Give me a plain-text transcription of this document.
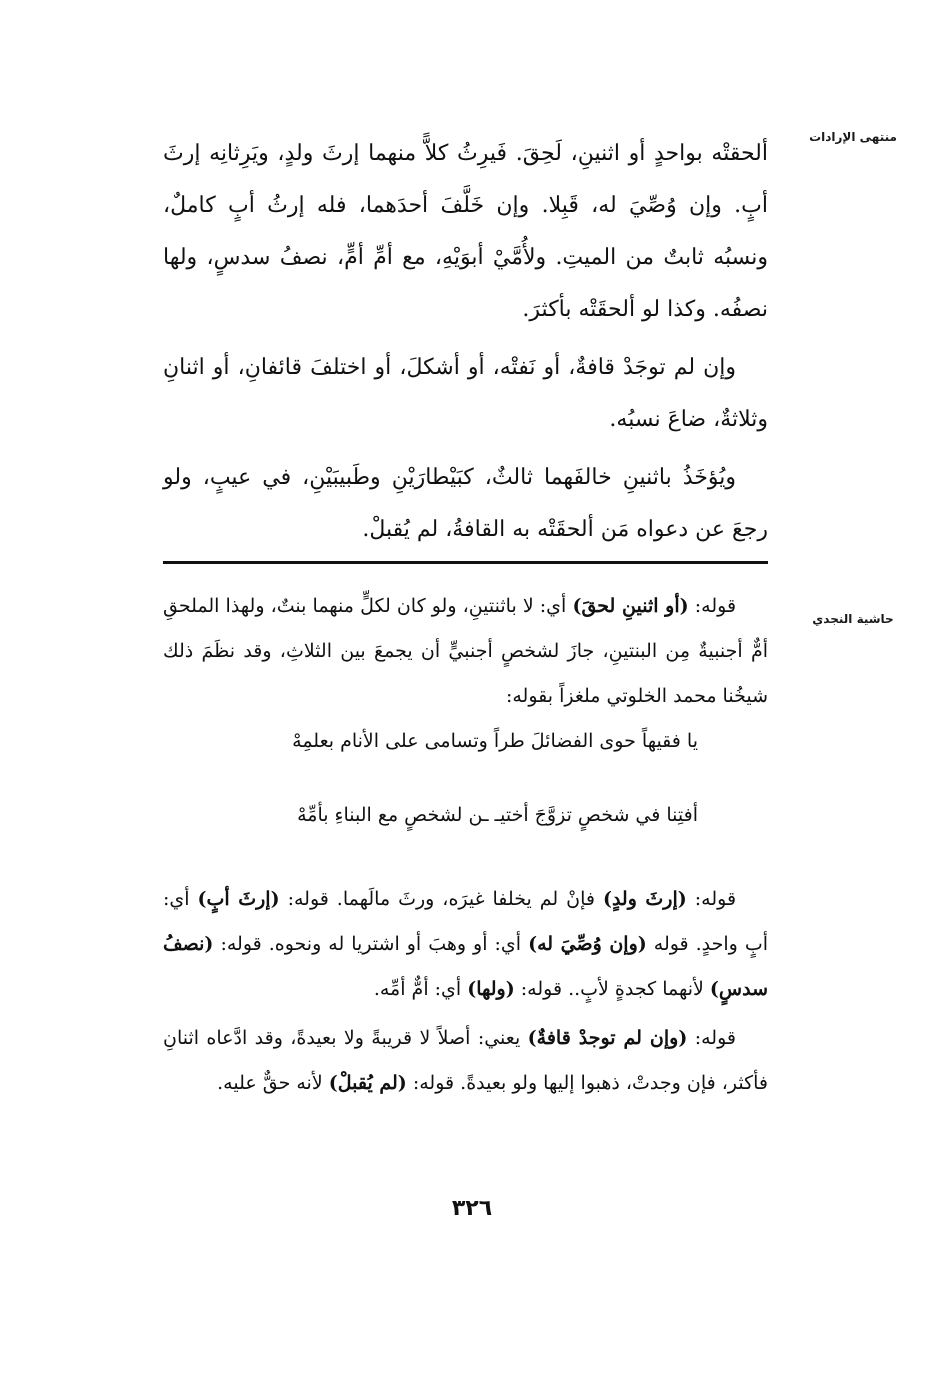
منتهى الإرادات

ألحقتْه بواحدٍ أو اثنينِ، لَحِقَ. فَيرِثُ كلاًّ منهما إرثَ ولدٍ، ويَرِثانِه إرثَ أبٍ. وإن وُصِّيَ له، قَبِلا. وإن خَلَّفَ أحدَهما، فله إرثُ أبٍ كاملٌ، ونسبُه ثابتٌ من الميتِ. ولأُمَّيْ أبوَيْهِ، مع أمِّ أمٍّ، نصفُ سدسٍ، ولها نصفُه. وكذا لو ألحقَتْه بأكثرَ.

وإن لم توجَدْ قافةٌ، أو نَفتْه، أو أشكلَ، أو اختلفَ قائفانِ، أو اثنانِ وثلاثةٌ، ضاعَ نسبُه.

ويُؤخَذُ باثنينِ خالفَهما ثالثٌ، كبَيْطارَيْنِ وطَبيبَيْنِ، في عيبٍ، ولو رجعَ عن دعواه مَن ألحقَتْه به القافةُ، لم يُقبلْ.

حاشية النجدي

قوله: (أو اثنينِ لحقَ) أي: لا باثنتينِ، ولو كان لكلٍّ منهما بنتٌ، ولهذا الملحقِ أمٌّ أجنبيةٌ مِن البنتينِ، جازَ لشخصٍ أجنبيٍّ أن يجمعَ بين الثلاثِ، وقد نظَمَ ذلك شيخُنا محمد الخلوتي ملغزاً بقوله:

يا فقيهاً حوى الفضائلَ طراً وتسامى على الأنام بعلمِهْ

أفتِنا في شخصٍ تزوَّجَ أختيـ ـن لشخصٍ مع البناءِ بأمِّهْ

قوله: (إرثَ ولدٍ) فإنْ لم يخلفا غيرَه، ورثَ مالَهما. قوله: (إرثَ أبٍ) أي: أبٍ واحدٍ. قوله (وإن وُصِّيَ له) أي: أو وهبَ أو اشتريا له ونحوه. قوله: (نصفُ سدسٍ) لأنهما كجدةٍ لأبٍ.. قوله: (ولها) أي: أمٌّ أمِّه.

قوله: (وإن لم توجدْ قافةٌ) يعني: أصلاً لا قريبةً ولا بعيدةً، وقد ادَّعاه اثنانِ فأكثر، فإن وجدتْ، ذهبوا إليها ولو بعيدةً. قوله: (لم يُقبلْ) لأنه حقٌّ عليه.

٣٢٦
